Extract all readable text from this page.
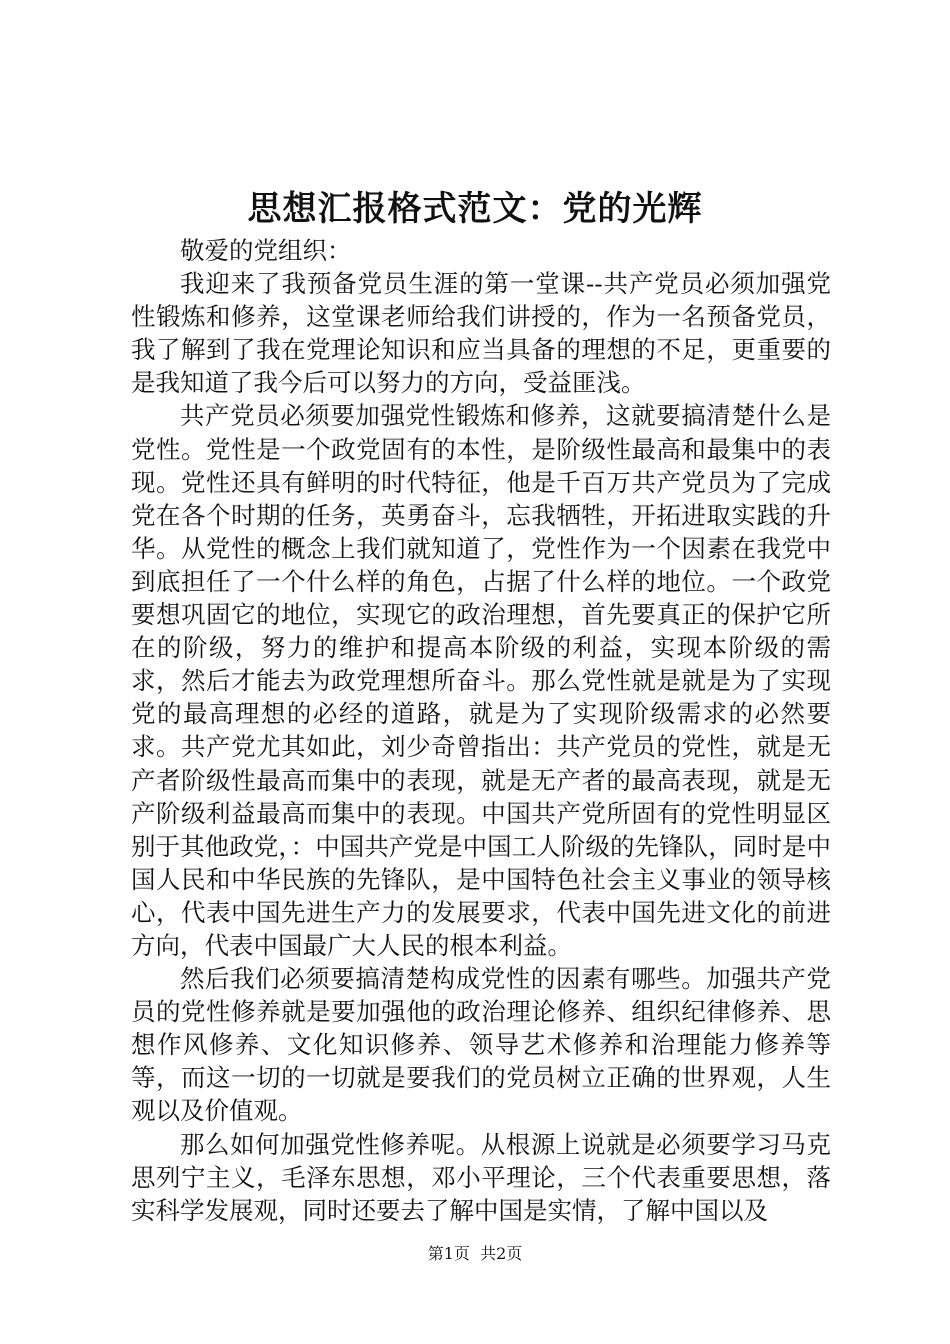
思想汇报格式范文：党的光辉

敬爱的党组织：

我迎来了我预备党员生涯的第一堂课--共产党员必须加强党性锻炼和修养，这堂课老师给我们讲授的，作为一名预备党员，我了解到了我在党理论知识和应当具备的理想的不足，更重要的是我知道了我今后可以努力的方向，受益匪浅。

共产党员必须要加强党性锻炼和修养，这就要搞清楚什么是党性。党性是一个政党固有的本性，是阶级性最高和最集中的表现。党性还具有鲜明的时代特征，他是千百万共产党员为了完成党在各个时期的任务，英勇奋斗，忘我牺牲，开拓进取实践的升华。从党性的概念上我们就知道了，党性作为一个因素在我党中到底担任了一个什么样的角色，占据了什么样的地位。一个政党要想巩固它的地位，实现它的政治理想，首先要真正的保护它所在的阶级，努力的维护和提高本阶级的利益，实现本阶级的需求，然后才能去为政党理想所奋斗。那么党性就是就是为了实现党的最高理想的必经的道路，就是为了实现阶级需求的必然要求。共产党尤其如此，刘少奇曾指出：共产党员的党性，就是无产者阶级性最高而集中的表现，就是无产者的最高表现，就是无产阶级利益最高而集中的表现。中国共产党所固有的党性明显区别于其他政党，：中国共产党是中国工人阶级的先锋队，同时是中国人民和中华民族的先锋队，是中国特色社会主义事业的领导核心，代表中国先进生产力的发展要求，代表中国先进文化的前进方向，代表中国最广大人民的根本利益。

然后我们必须要搞清楚构成党性的因素有哪些。加强共产党员的党性修养就是要加强他的政治理论修养、组织纪律修养、思想作风修养、文化知识修养、领导艺术修养和治理能力修养等等，而这一切的一切就是要我们的党员树立正确的世界观，人生观以及价值观。

那么如何加强党性修养呢。从根源上说就是必须要学习马克思列宁主义，毛泽东思想，邓小平理论，三个代表重要思想，落实科学发展观，同时还要去了解中国是实情，了解中国以及

第1页 共2页
